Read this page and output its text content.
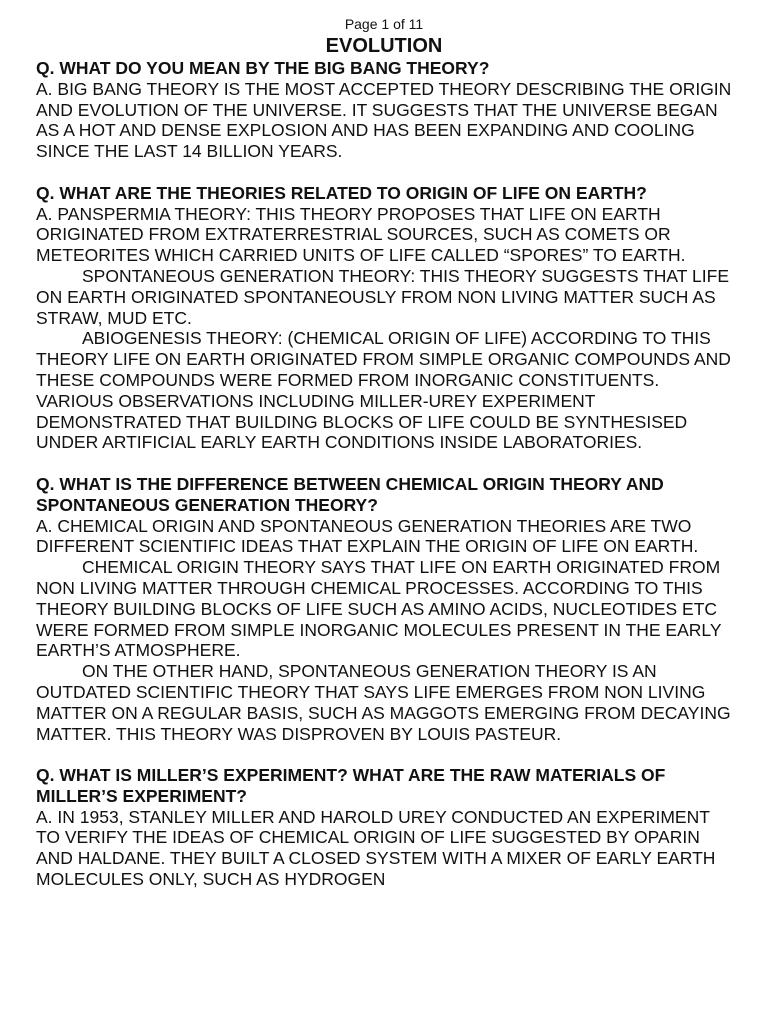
Page 1 of 11
EVOLUTION
Q. WHAT DO YOU MEAN BY THE BIG BANG THEORY?
A. BIG BANG THEORY IS THE MOST ACCEPTED THEORY DESCRIBING THE ORIGIN AND EVOLUTION OF THE UNIVERSE. IT SUGGESTS THAT THE UNIVERSE BEGAN AS A HOT AND DENSE EXPLOSION AND HAS BEEN EXPANDING AND COOLING SINCE THE LAST 14 BILLION YEARS.
Q. WHAT ARE THE THEORIES RELATED TO ORIGIN OF LIFE ON EARTH?
A. PANSPERMIA THEORY: THIS THEORY PROPOSES THAT LIFE ON EARTH ORIGINATED FROM EXTRATERRESTRIAL SOURCES, SUCH AS COMETS OR METEORITES WHICH CARRIED UNITS OF LIFE CALLED “SPORES” TO EARTH.
SPONTANEOUS GENERATION THEORY: THIS THEORY SUGGESTS THAT LIFE ON EARTH ORIGINATED SPONTANEOUSLY FROM NON LIVING MATTER SUCH AS STRAW, MUD ETC.
ABIOGENESIS THEORY: (CHEMICAL ORIGIN OF LIFE) ACCORDING TO THIS THEORY LIFE ON EARTH ORIGINATED FROM SIMPLE ORGANIC COMPOUNDS AND THESE COMPOUNDS WERE FORMED FROM INORGANIC CONSTITUENTS. VARIOUS OBSERVATIONS INCLUDING MILLER-UREY EXPERIMENT DEMONSTRATED THAT BUILDING BLOCKS OF LIFE COULD BE SYNTHESISED UNDER ARTIFICIAL EARLY EARTH CONDITIONS INSIDE LABORATORIES.
Q. WHAT IS THE DIFFERENCE BETWEEN CHEMICAL ORIGIN THEORY AND SPONTANEOUS GENERATION THEORY?
A. CHEMICAL ORIGIN AND SPONTANEOUS GENERATION THEORIES ARE TWO DIFFERENT SCIENTIFIC IDEAS THAT EXPLAIN THE ORIGIN OF LIFE ON EARTH.
CHEMICAL ORIGIN THEORY SAYS THAT LIFE ON EARTH ORIGINATED FROM NON LIVING MATTER THROUGH CHEMICAL PROCESSES. ACCORDING TO THIS THEORY BUILDING BLOCKS OF LIFE SUCH AS AMINO ACIDS, NUCLEOTIDES ETC WERE FORMED FROM SIMPLE INORGANIC MOLECULES PRESENT IN THE EARLY EARTH’S ATMOSPHERE.
ON THE OTHER HAND, SPONTANEOUS GENERATION THEORY IS AN OUTDATED SCIENTIFIC THEORY THAT SAYS LIFE EMERGES FROM NON LIVING MATTER ON A REGULAR BASIS, SUCH AS MAGGOTS EMERGING FROM DECAYING MATTER. THIS THEORY WAS DISPROVEN BY LOUIS PASTEUR.
Q. WHAT IS MILLER’S EXPERIMENT? WHAT ARE THE RAW MATERIALS OF MILLER’S EXPERIMENT?
A. IN 1953, STANLEY MILLER AND HAROLD UREY CONDUCTED AN EXPERIMENT TO VERIFY THE IDEAS OF CHEMICAL ORIGIN OF LIFE SUGGESTED BY OPARIN AND HALDANE. THEY BUILT A CLOSED SYSTEM WITH A MIXER OF EARLY EARTH MOLECULES ONLY, SUCH AS HYDROGEN
